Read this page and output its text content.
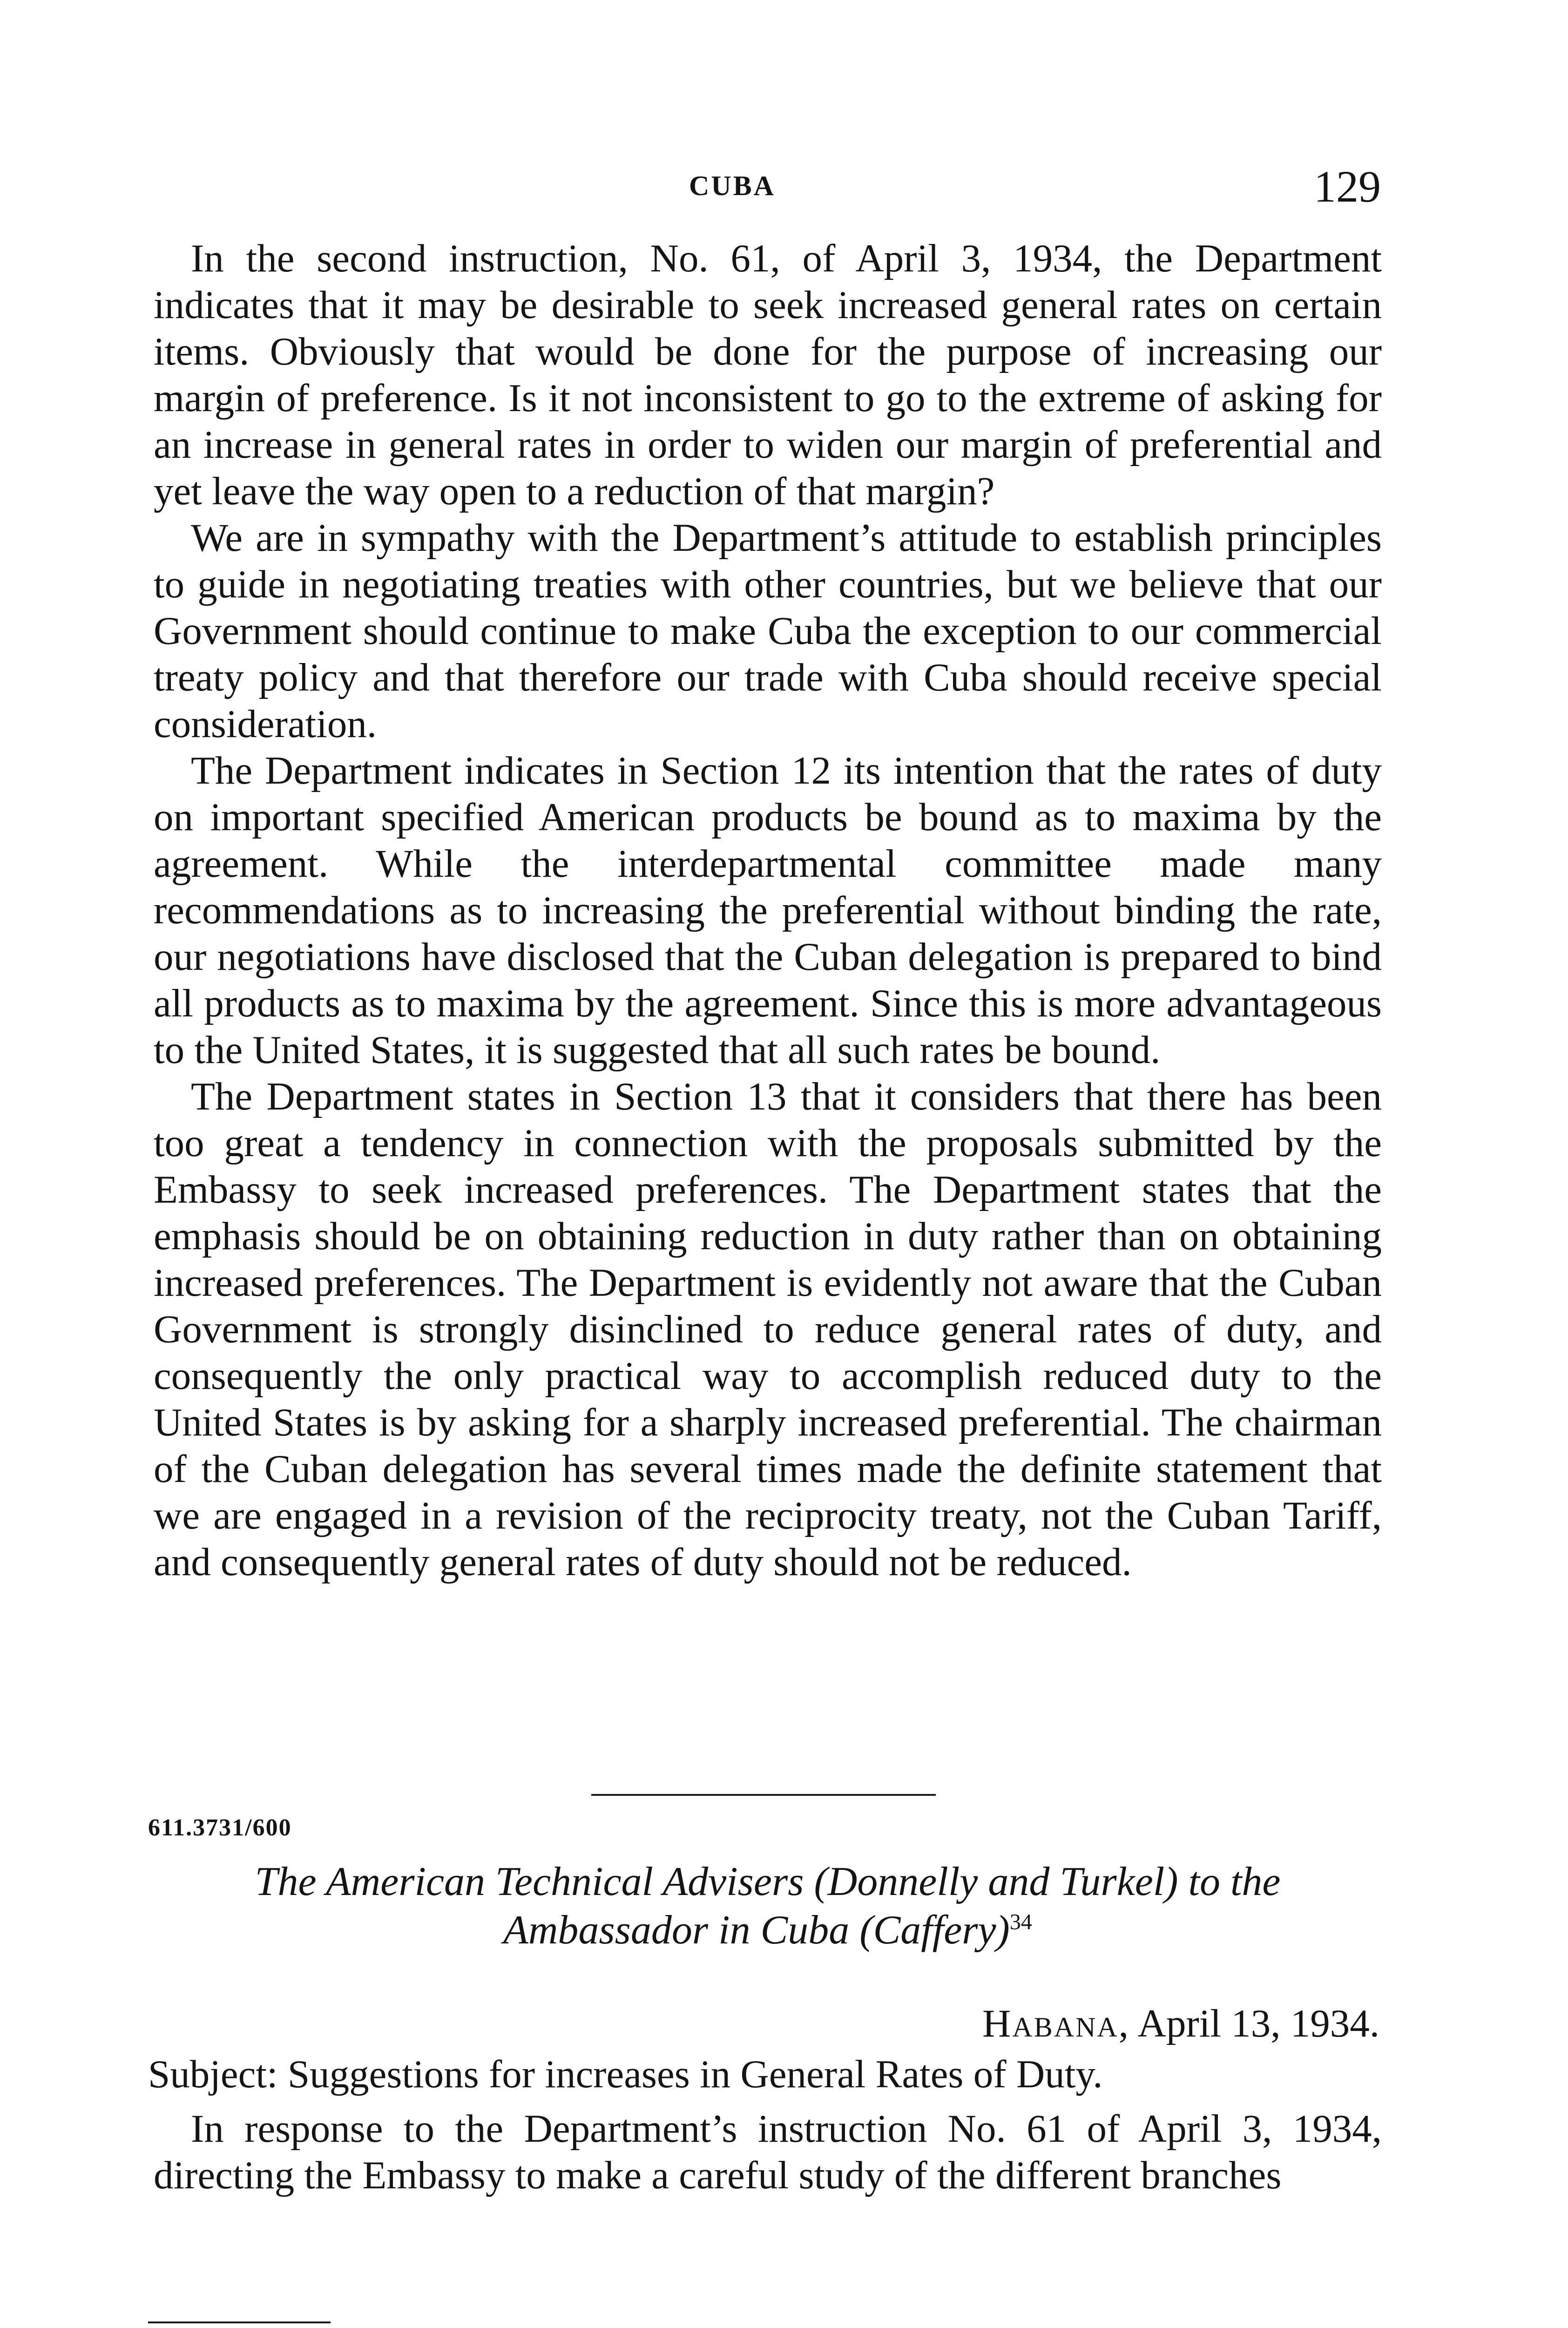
CUBA	129

In the second instruction, No. 61, of April 3, 1934, the Department indicates that it may be desirable to seek increased general rates on certain items. Obviously that would be done for the purpose of increasing our margin of preference. Is it not inconsistent to go to the extreme of asking for an increase in general rates in order to widen our margin of preferential and yet leave the way open to a reduction of that margin?

We are in sympathy with the Department’s attitude to establish principles to guide in negotiating treaties with other countries, but we believe that our Government should continue to make Cuba the exception to our commercial treaty policy and that therefore our trade with Cuba should receive special consideration.

The Department indicates in Section 12 its intention that the rates of duty on important specified American products be bound as to maxima by the agreement. While the interdepartmental committee made many recommendations as to increasing the preferential without binding the rate, our negotiations have disclosed that the Cuban delegation is prepared to bind all products as to maxima by the agreement. Since this is more advantageous to the United States, it is suggested that all such rates be bound.

The Department states in Section 13 that it considers that there has been too great a tendency in connection with the proposals submitted by the Embassy to seek increased preferences. The Department states that the emphasis should be on obtaining reduction in duty rather than on obtaining increased preferences. The Department is evidently not aware that the Cuban Government is strongly disinclined to reduce general rates of duty, and consequently the only practical way to accomplish reduced duty to the United States is by asking for a sharply increased preferential. The chairman of the Cuban delegation has several times made the definite statement that we are engaged in a revision of the reciprocity treaty, not the Cuban Tariff, and consequently general rates of duty should not be reduced.

611.3731/600
The American Technical Advisers (Donnelly and Turkel) to the
Ambassador in Cuba (Caffery)$^{34}$
Habana, April 13, 1934.
Subject: Suggestions for increases in General Rates of Duty.

In response to the Department’s instruction No. 61 of April 3, 1934, directing the Embassy to make a careful study of the different branches
